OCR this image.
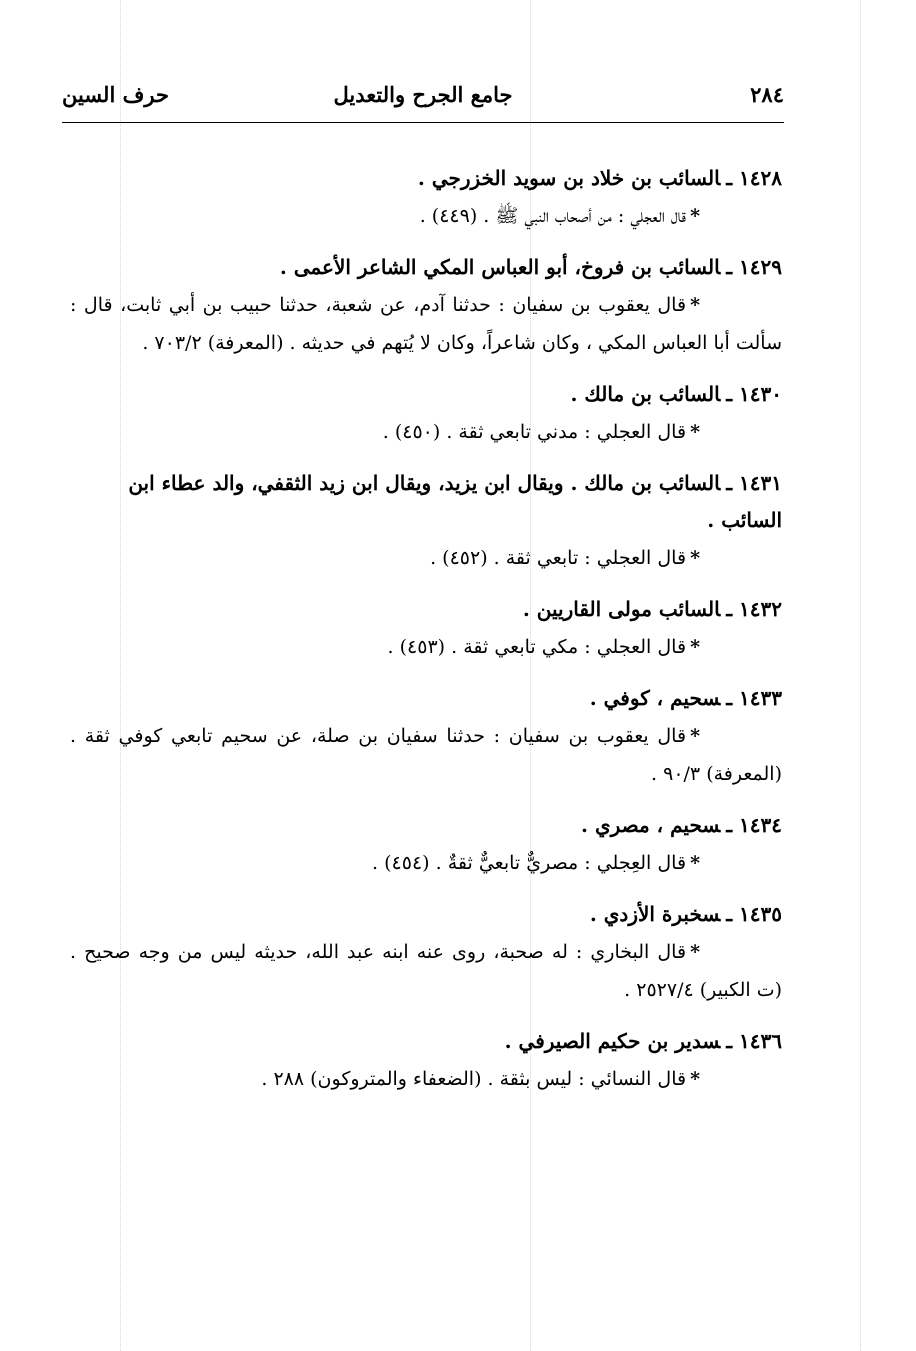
٢٨٤
جامع الجرح والتعديل
حرف السين

١٤٢٨ ـالسائب بن خلاد بن سويد الخزرجي .

*قال العجلي : من أصحاب النبي ﷺ . (٤٤٩) .

١٤٢٩ ـالسائب بن فروخ، أبو العباس المكي الشاعر الأعمى .

*قال يعقوب بن سفيان : حدثنا آدم، عن شعبة، حدثنا حبيب بن أبي ثابت، قال : سألت أبا العباس المكي ، وكان شاعراً، وكان لا يُتهم في حديثه . (المعرفة) ٧٠٣/٢ .

١٤٣٠ ـالسائب بن مالك .

*قال العجلي : مدني تابعي ثقة . (٤٥٠) .

١٤٣١ ـالسائب بن مالك . ويقال ابن يزيد، ويقال ابن زيد الثقفي، والد عطاء ابن السائب .

*قال العجلي : تابعي ثقة . (٤٥٢) .

١٤٣٢ ـالسائب مولى القاريين .

*قال العجلي : مكي تابعي ثقة . (٤٥٣) .

١٤٣٣ ـسحيم ، كوفي .

*قال يعقوب بن سفيان : حدثنا سفيان بن صلة، عن سحيم تابعي كوفي ثقة . (المعرفة) ٩٠/٣ .

١٤٣٤ ـسحيم ، مصري .

*قال العِجلي : مصريٌّ تابعيٌّ ثقةٌ . (٤٥٤) .

١٤٣٥ ـسخبرة الأزدي .

*قال البخاري : له صحبة، روى عنه ابنه عبد الله، حديثه ليس من وجه صحيح . (ت الكبير) ٢٥٢٧/٤ .

١٤٣٦ ـسدير بن حكيم الصيرفي .

*قال النسائي : ليس بثقة . (الضعفاء والمتروكون) ٢٨٨ .
